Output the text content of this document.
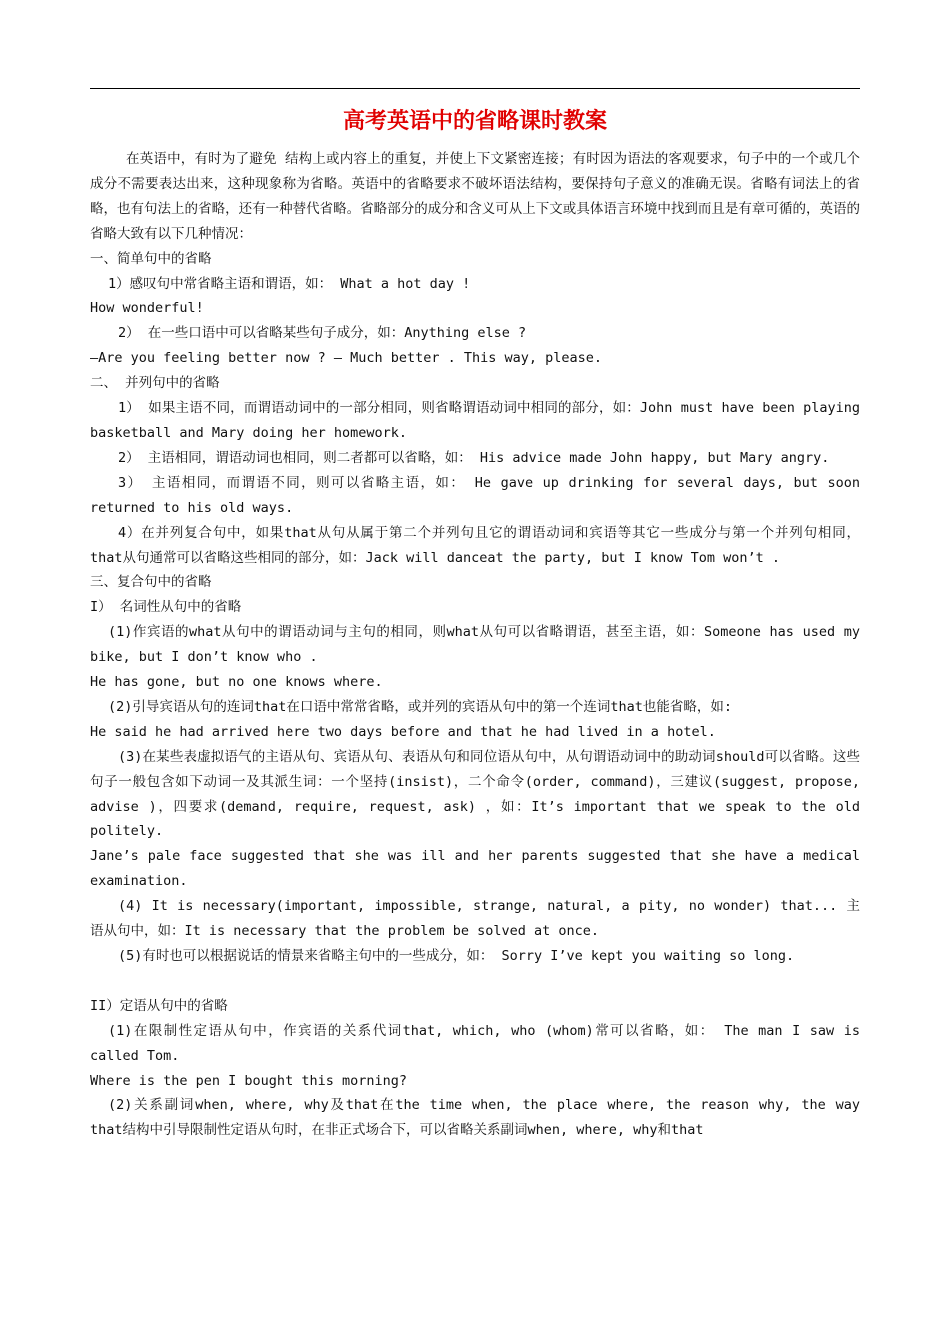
高考英语中的省略课时教案

在英语中，有时为了避免 结构上或内容上的重复，并使上下文紧密连接；有时因为语法的客观要求，句子中的一个或几个成分不需要表达出来，这种现象称为省略。英语中的省略要求不破坏语法结构，要保持句子意义的准确无误。省略有词法上的省略，也有句法上的省略，还有一种替代省略。省略部分的成分和含义可从上下文或具体语言环境中找到而且是有章可循的，英语的省略大致有以下几种情况：

一、简单句中的省略

1）感叹句中常省略主语和谓语，如： What a hot day !

How wonderful!

2） 在一些口语中可以省略某些句子成分，如：Anything else ?

—Are you feeling better now ? — Much better . This way, please.

二、 并列句中的省略

1） 如果主语不同，而谓语动词中的一部分相同，则省略谓语动词中相同的部分，如：John must have been playing basketball and Mary doing her homework.

2） 主语相同，谓语动词也相同，则二者都可以省略，如： His advice made John happy, but Mary angry.

3） 主语相同，而谓语不同，则可以省略主语，如： He gave up drinking for several days, but soon returned to his old ways.

4）在并列复合句中，如果that从句从属于第二个并列句且它的谓语动词和宾语等其它一些成分与第一个并列句相同， that从句通常可以省略这些相同的部分，如：Jack will danceat the party, but I know Tom won’t .

三、复合句中的省略

I） 名词性从句中的省略

(1)作宾语的what从句中的谓语动词与主句的相同，则what从句可以省略谓语，甚至主语，如：Someone has used my bike, but I don’t know who .

He has gone, but no one knows where.

(2)引导宾语从句的连词that在口语中常常省略，或并列的宾语从句中的第一个连词that也能省略，如:

He said he had arrived here two days before and that he had lived in a hotel.

(3)在某些表虚拟语气的主语从句、宾语从句、表语从句和同位语从句中，从句谓语动词中的助动词should可以省略。这些句子一般包含如下动词一及其派生词：一个坚持(insist)，二个命令(order, command)，三建议(suggest, propose, advise )，四要求(demand, require, request, ask) ，如：It’s important that we speak to the old politely.

Jane’s pale face suggested that she was ill and her parents suggested that she have a medical examination.

(4) It is necessary(important, impossible, strange, natural, a pity, no wonder) that... 主语从句中，如：It is necessary that the problem be solved at once.

(5)有时也可以根据说话的情景来省略主句中的一些成分，如： Sorry I’ve kept you waiting so long.

II）定语从句中的省略

(1)在限制性定语从句中，作宾语的关系代词that, which, who (whom)常可以省略，如： The man I saw is called Tom.

Where is the pen I bought this morning?

(2)关系副词when, where, why及that在the time when, the place where, the reason why, the way that结构中引导限制性定语从句时，在非正式场合下，可以省略关系副词when, where, why和that
